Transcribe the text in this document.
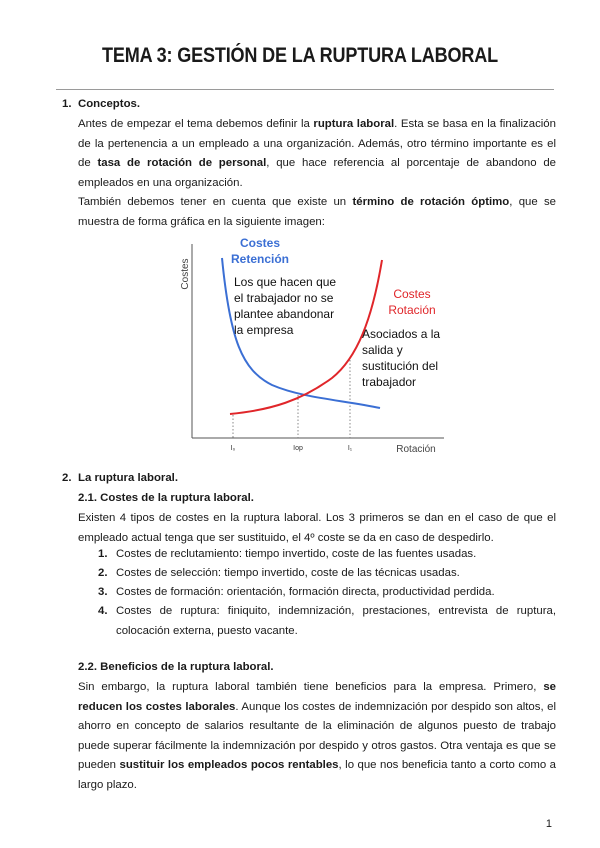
TEMA 3: GESTIÓN DE LA RUPTURA LABORAL
1. Conceptos.
Antes de empezar el tema debemos definir la ruptura laboral. Esta se basa en la finalización de la pertenencia a un empleado a una organización. Además, otro término importante es el de tasa de rotación de personal, que hace referencia al porcentaje de abandono de empleados en una organización.
También debemos tener en cuenta que existe un término de rotación óptimo, que se muestra de forma gráfica en la siguiente imagen:
I₀	Iop	I₁	Rotación
Costes
Costes
Retención
Los que hacen que
el trabajador no se
plantee abandonar
la empresa
Costes
Rotación
Asociados a la
salida y
sustitución del
trabajador
2. La ruptura laboral.
2.1. Costes de la ruptura laboral.
Existen 4 tipos de costes en la ruptura laboral. Los 3 primeros se dan en el caso de que el empleado actual tenga que ser sustituido, el 4º coste se da en caso de despedirlo.
1. Costes de reclutamiento: tiempo invertido, coste de las fuentes usadas.
2. Costes de selección: tiempo invertido, coste de las técnicas usadas.
3. Costes de formación: orientación, formación directa, productividad perdida.
4. Costes de ruptura: finiquito, indemnización, prestaciones, entrevista de ruptura, colocación externa, puesto vacante.
2.2. Beneficios de la ruptura laboral.
Sin embargo, la ruptura laboral también tiene beneficios para la empresa. Primero, se reducen los costes laborales. Aunque los costes de indemnización por despido son altos, el ahorro en concepto de salarios resultante de la eliminación de algunos puesto de trabajo puede superar fácilmente la indemnización por despido y otros gastos. Otra ventaja es que se pueden sustituir los empleados pocos rentables, lo que nos beneficia tanto a corto como a largo plazo.
1
